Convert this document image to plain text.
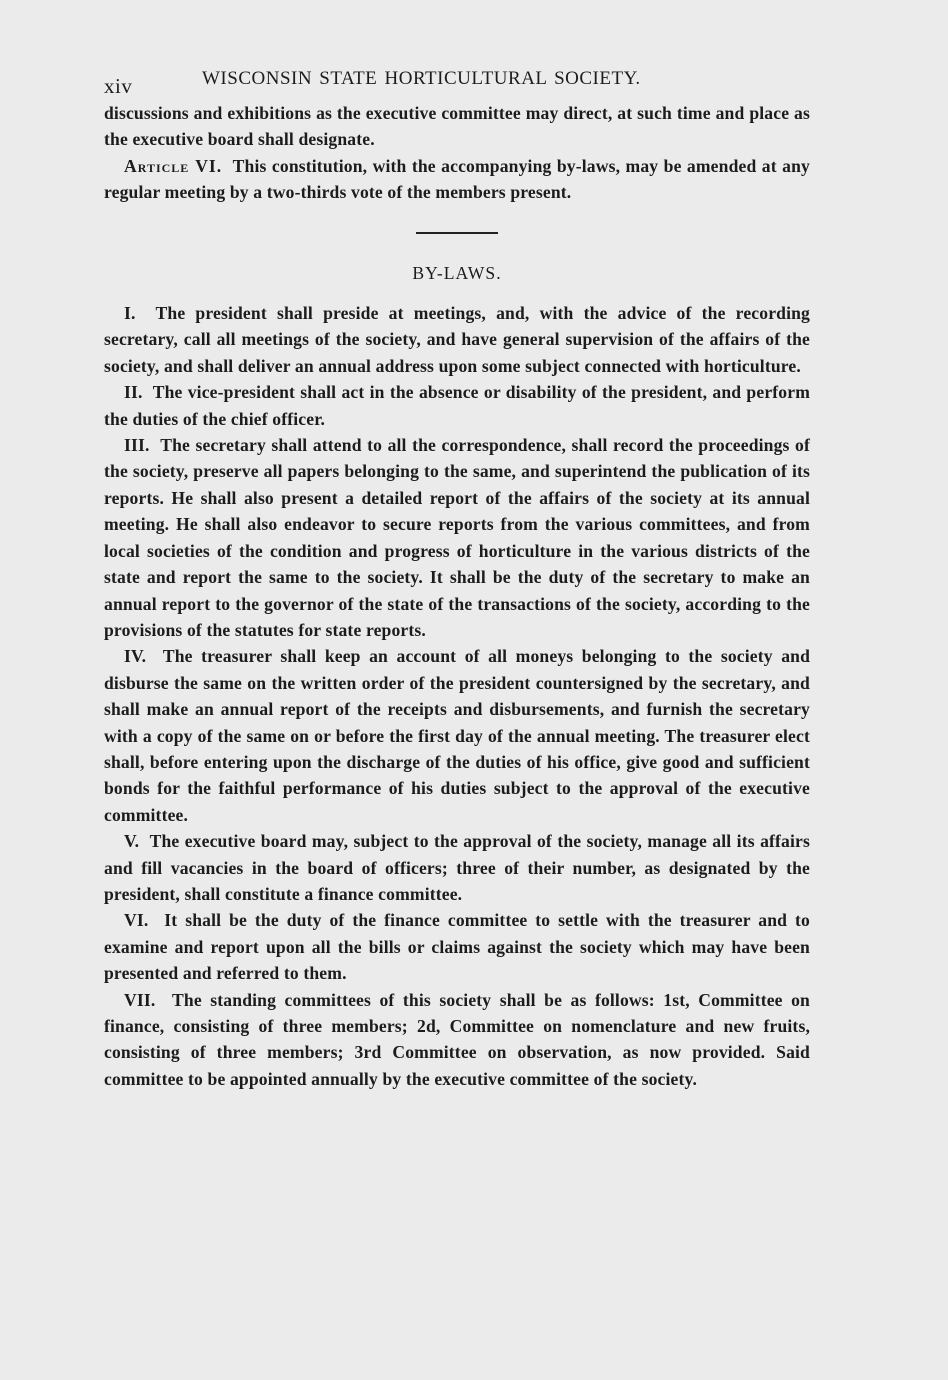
xiv	WISCONSIN STATE HORTICULTURAL SOCIETY.

discussions and exhibitions as the executive committee may direct, at such time and place as the executive board shall designate.

Article VI. This constitution, with the accompanying by-laws, may be amended at any regular meeting by a two-thirds vote of the members present.

BY-LAWS.

I. The president shall preside at meetings, and, with the advice of the recording secretary, call all meetings of the society, and have general supervision of the affairs of the society, and shall deliver an annual address upon some subject connected with horticulture.

II. The vice-president shall act in the absence or disability of the president, and perform the duties of the chief officer.

III. The secretary shall attend to all the correspondence, shall record the proceedings of the society, preserve all papers belonging to the same, and superintend the publication of its reports. He shall also present a detailed report of the affairs of the society at its annual meeting. He shall also endeavor to secure reports from the various committees, and from local societies of the condition and progress of horticulture in the various districts of the state and report the same to the society. It shall be the duty of the secretary to make an annual report to the governor of the state of the transactions of the society, according to the provisions of the statutes for state reports.

IV. The treasurer shall keep an account of all moneys belonging to the society and disburse the same on the written order of the president countersigned by the secretary, and shall make an annual report of the receipts and disbursements, and furnish the secretary with a copy of the same on or before the first day of the annual meeting. The treasurer elect shall, before entering upon the discharge of the duties of his office, give good and sufficient bonds for the faithful performance of his duties subject to the approval of the executive committee.

V. The executive board may, subject to the approval of the society, manage all its affairs and fill vacancies in the board of officers; three of their number, as designated by the president, shall constitute a finance committee.

VI. It shall be the duty of the finance committee to settle with the treasurer and to examine and report upon all the bills or claims against the society which may have been presented and referred to them.

VII. The standing committees of this society shall be as follows: 1st, Committee on finance, consisting of three members; 2d, Committee on nomenclature and new fruits, consisting of three members; 3rd Committee on observation, as now provided. Said committee to be appointed annually by the executive committee of the society.
